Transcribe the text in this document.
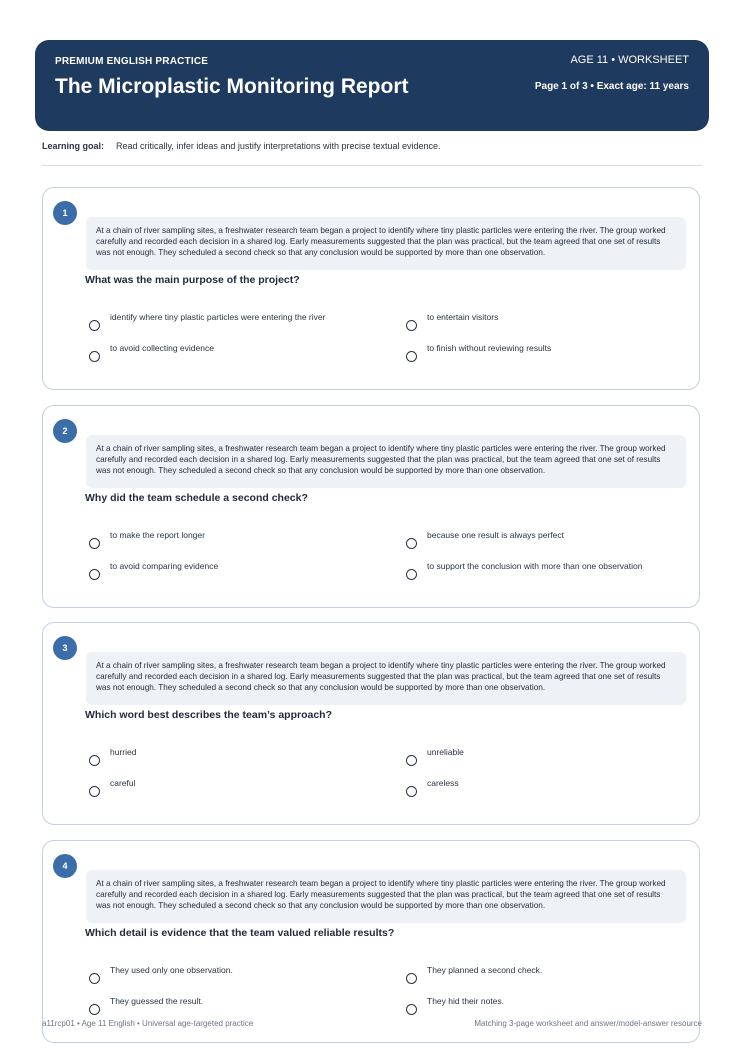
PREMIUM ENGLISH PRACTICE
The Microplastic Monitoring Report
AGE 11 • WORKSHEET
Page 1 of 3 • Exact age: 11 years
Learning goal: Read critically, infer ideas and justify interpretations with precise textual evidence.
1
At a chain of river sampling sites, a freshwater research team began a project to identify where tiny plastic particles were entering the river. The group worked carefully and recorded each decision in a shared log. Early measurements suggested that the plan was practical, but the team agreed that one set of results was not enough. They scheduled a second check so that any conclusion would be supported by more than one observation.
What was the main purpose of the project?
identify where tiny plastic particles were entering the river	to entertain visitors
to avoid collecting evidence	to finish without reviewing results
2
At a chain of river sampling sites, a freshwater research team began a project to identify where tiny plastic particles were entering the river. The group worked carefully and recorded each decision in a shared log. Early measurements suggested that the plan was practical, but the team agreed that one set of results was not enough. They scheduled a second check so that any conclusion would be supported by more than one observation.
Why did the team schedule a second check?
to make the report longer	because one result is always perfect
to avoid comparing evidence	to support the conclusion with more than one observation
3
At a chain of river sampling sites, a freshwater research team began a project to identify where tiny plastic particles were entering the river. The group worked carefully and recorded each decision in a shared log. Early measurements suggested that the plan was practical, but the team agreed that one set of results was not enough. They scheduled a second check so that any conclusion would be supported by more than one observation.
Which word best describes the team’s approach?
hurried	unreliable
careful	careless
4
At a chain of river sampling sites, a freshwater research team began a project to identify where tiny plastic particles were entering the river. The group worked carefully and recorded each decision in a shared log. Early measurements suggested that the plan was practical, but the team agreed that one set of results was not enough. They scheduled a second check so that any conclusion would be supported by more than one observation.
Which detail is evidence that the team valued reliable results?
They used only one observation.	They planned a second check.
They guessed the result.	They hid their notes.
a11rcp01 • Age 11 English • Universal age-targeted practice	Matching 3-page worksheet and answer/model-answer resource
